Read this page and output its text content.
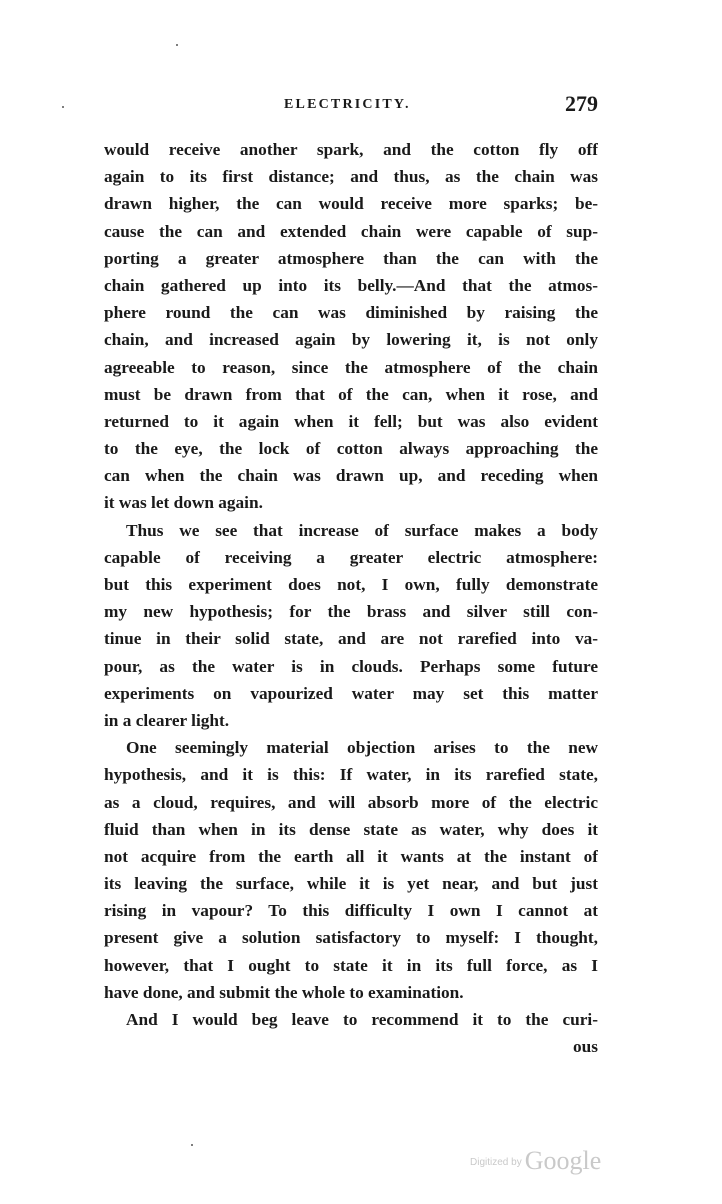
ELECTRICITY.	279
would receive another spark, and the cotton fly off
again to its first distance; and thus, as the chain was
drawn higher, the can would receive more sparks; be-
cause the can and extended chain were capable of sup-
porting a greater atmosphere than the can with the
chain gathered up into its belly.—And that the atmos-
phere round the can was diminished by raising the
chain, and increased again by lowering it, is not only
agreeable to reason, since the atmosphere of the chain
must be drawn from that of the can, when it rose, and
returned to it again when it fell; but was also evident
to the eye, the lock of cotton always approaching the
can when the chain was drawn up, and receding when
it was let down again.
Thus we see that increase of surface makes a body
capable of receiving a greater electric atmosphere:
but this experiment does not, I own, fully demonstrate
my new hypothesis; for the brass and silver still con-
tinue in their solid state, and are not rarefied into va-
pour, as the water is in clouds. Perhaps some future
experiments on vapourized water may set this matter
in a clearer light.
One seemingly material objection arises to the new
hypothesis, and it is this: If water, in its rarefied state,
as a cloud, requires, and will absorb more of the electric
fluid than when in its dense state as water, why does it
not acquire from the earth all it wants at the instant of
its leaving the surface, while it is yet near, and but just
rising in vapour? To this difficulty I own I cannot at
present give a solution satisfactory to myself: I thought,
however, that I ought to state it in its full force, as I
have done, and submit the whole to examination.
And I would beg leave to recommend it to the curi-
ous
$^{Digitized by}$ Google
